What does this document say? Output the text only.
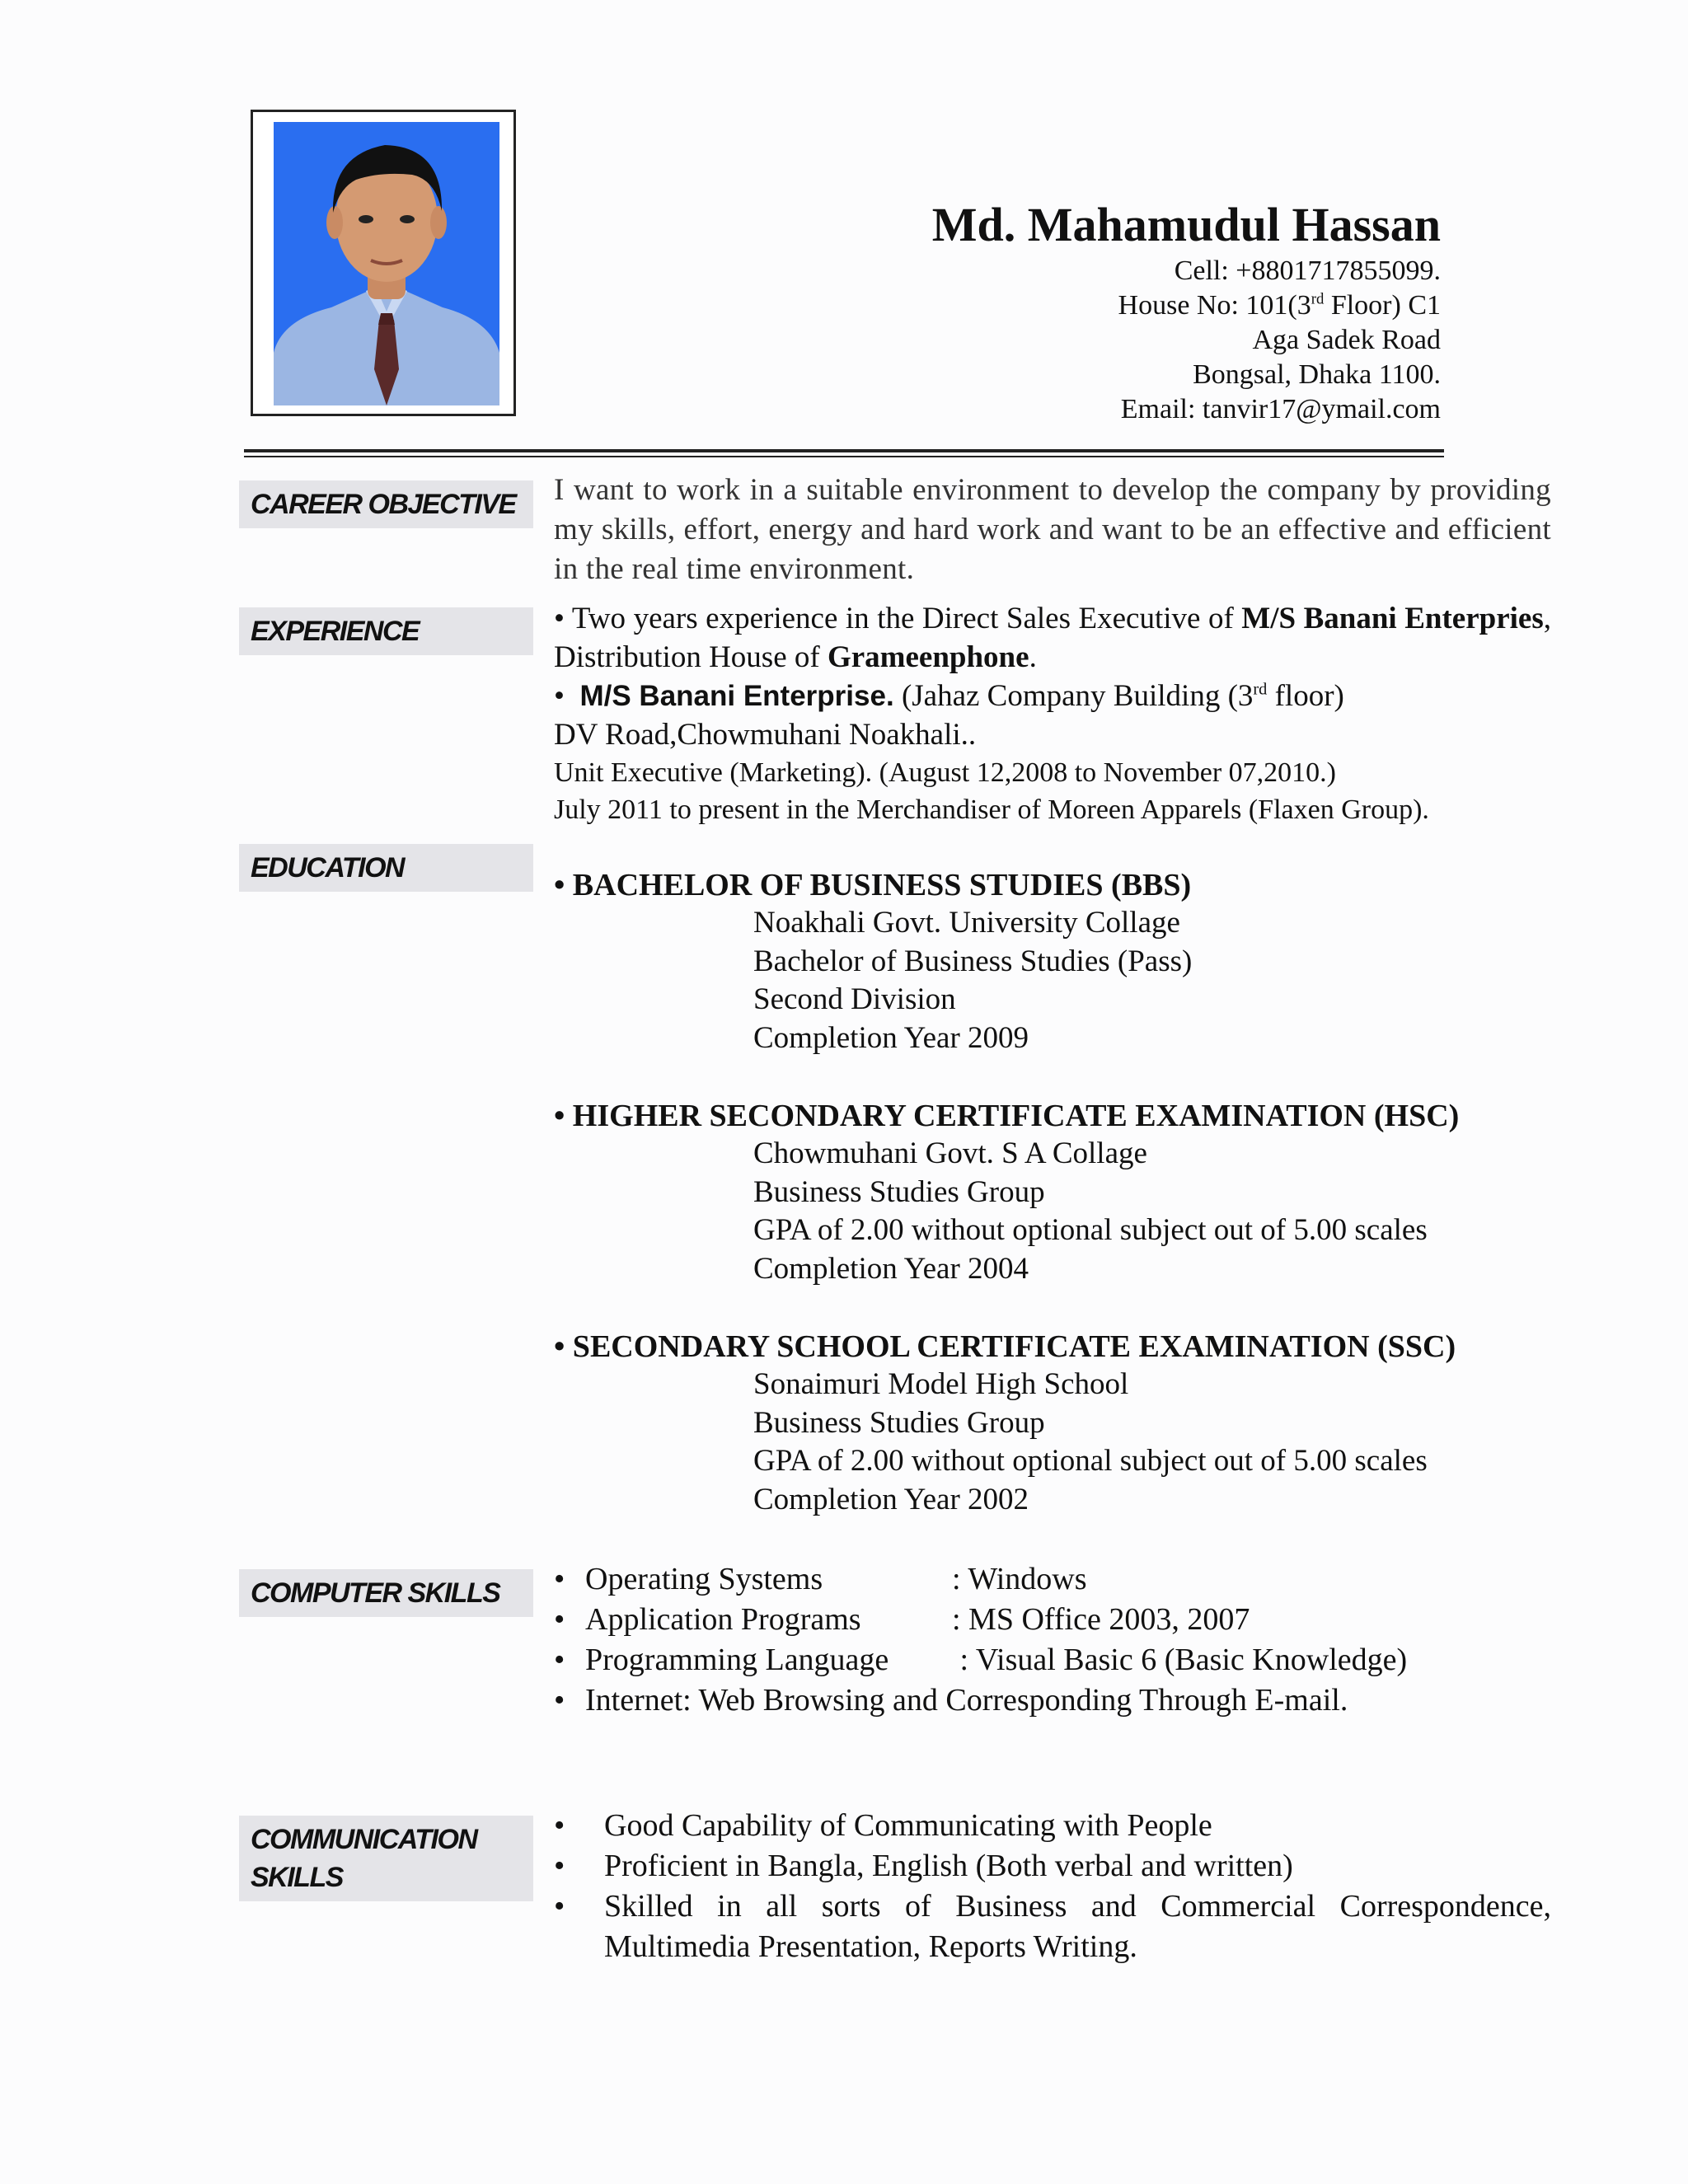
Md. Mahamudul Hassan
Cell: +8801717855099.
House No: 101(3rd Floor) C1
Aga Sadek Road
Bongsal, Dhaka 1100.
Email: tanvir17@ymail.com
CAREER OBJECTIVE
EXPERIENCE
EDUCATION
COMPUTER SKILLS
COMMUNICATION
SKILLS
I want to work in a suitable environment to develop the company by providing my skills, effort, energy and hard work and want to be an effective and efficient in the real time environment.
• Two years experience in the Direct Sales Executive of M/S Banani Enterpries, Distribution House of Grameenphone.
• M/S Banani Enterprise. (Jahaz Company Building (3rd floor)
DV Road,Chowmuhani Noakhali..
Unit Executive (Marketing). (August 12,2008 to November 07,2010.)
July 2011 to present in the Merchandiser of Moreen Apparels (Flaxen Group).
• BACHELOR OF BUSINESS STUDIES (BBS)
Noakhali Govt. University Collage
Bachelor of Business Studies (Pass)
Second Division
Completion Year 2009
• HIGHER SECONDARY CERTIFICATE EXAMINATION (HSC)
Chowmuhani Govt. S A Collage
Business Studies Group
GPA of 2.00 without optional subject out of 5.00 scales
Completion Year 2004
• SECONDARY SCHOOL CERTIFICATE EXAMINATION (SSC)
Sonaimuri Model High School
Business Studies Group
GPA of 2.00 without optional subject out of 5.00 scales
Completion Year 2002
• Operating Systems	: Windows
• Application Programs	: MS Office 2003, 2007
• Programming Language : Visual Basic 6 (Basic Knowledge)
• Internet: Web Browsing and Corresponding Through E-mail.
• Good Capability of Communicating with People
• Proficient in Bangla, English (Both verbal and written)
• Skilled in all sorts of Business and Commercial Correspondence, Multimedia Presentation, Reports Writing.
